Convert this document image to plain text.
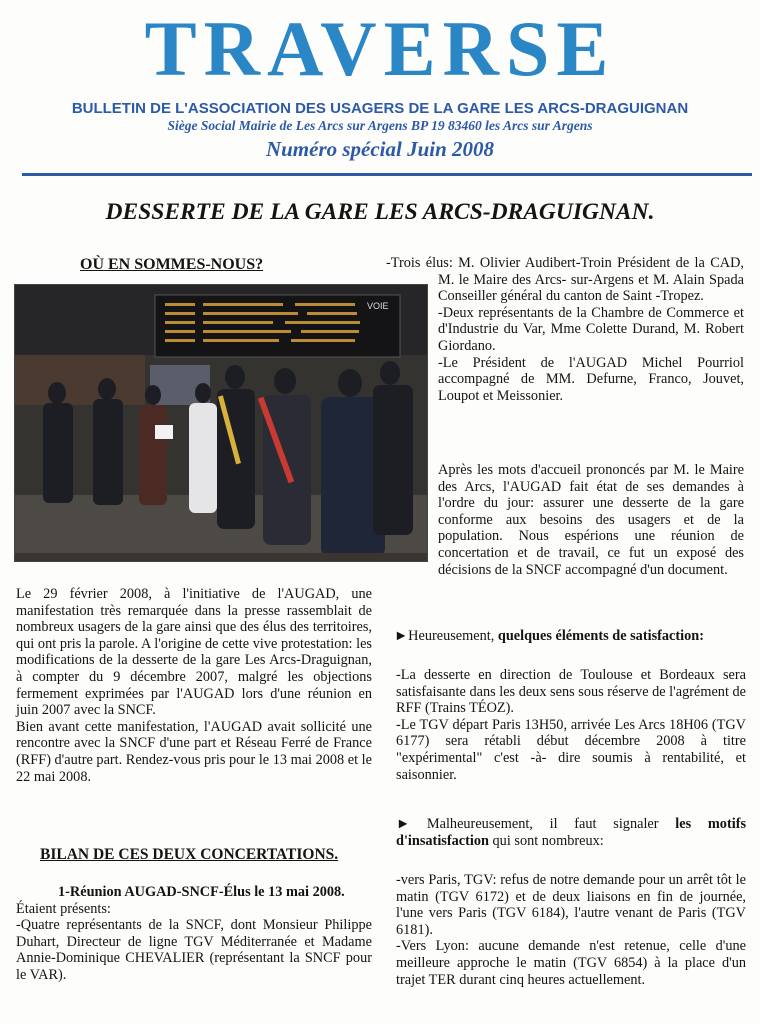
TRAVERSE
BULLETIN DE L'ASSOCIATION DES USAGERS DE LA GARE LES ARCS-DRAGUIGNAN
Siège Social Mairie de Les Arcs sur Argens BP 19 83460 les Arcs sur Argens
Numéro spécial Juin 2008
DESSERTE DE LA GARE LES ARCS-DRAGUIGNAN.
OÙ EN SOMMES-NOUS?
VOIE

Le 29 février 2008, à l'initiative de l'AUGAD, une manifestation très remarquée dans la presse rassemblait de nombreux usagers de la gare ainsi que des élus des territoires, qui ont pris la parole. A l'origine de cette vive protestation: les modifications de la desserte de la gare Les Arcs-Draguignan, à compter du 9 décembre 2007, malgré les objections fermement exprimées par l'AUGAD lors d'une réunion en juin 2007 avec la SNCF.

Bien avant cette manifestation, l'AUGAD avait sollicité une rencontre avec la SNCF d'une part et Réseau Ferré de France (RFF) d'autre part. Rendez-vous pris pour le 13 mai 2008 et le 22 mai 2008.

BILAN DE CES DEUX CONCERTATIONS.

1-Réunion AUGAD-SNCF-Élus le 13 mai 2008.

Étaient présents:

-Quatre représentants de la SNCF, dont Monsieur Philippe Duhart, Directeur de ligne TGV Méditerranée et Madame Annie-Dominique CHEVALIER (représentant la SNCF pour le VAR).

-Trois élus: M. Olivier Audibert-Troin Président de la CAD, M. le Maire des Arcs- sur-Argens et M. Alain Spada Conseiller général du canton de Saint -Tropez.

-Deux représentants de la Chambre de Commerce et d'Industrie du Var, Mme Colette Durand, M. Robert Giordano.

-Le Président de l'AUGAD Michel Pourriol accompagné de MM. Defurne, Franco, Jouvet, Loupot et Meissonier.

Après les mots d'accueil prononcés par M. le Maire des Arcs, l'AUGAD fait état de ses demandes à l'ordre du jour: assurer une desserte de la gare conforme aux besoins des usagers et de la population. Nous espérions une réunion de concertation et de travail, ce fut un exposé des décisions de la SNCF accompagné d'un document.

►Heureusement, quelques éléments de satisfaction:

-La desserte en direction de Toulouse et Bordeaux sera satisfaisante dans les deux sens sous réserve de l'agrément de RFF (Trains TÉOZ).

-Le TGV départ Paris 13H50, arrivée Les Arcs 18H06 (TGV 6177) sera rétabli début décembre 2008 à titre "expérimental" c'est -à- dire soumis à rentabilité, et saisonnier.

► Malheureusement, il faut signaler les motifs d'insatisfaction qui sont nombreux:

-vers Paris, TGV: refus de notre demande pour un arrêt tôt le matin (TGV 6172) et de deux liaisons en fin de journée, l'une vers Paris (TGV 6184), l'autre venant de Paris (TGV 6181).

-Vers Lyon: aucune demande n'est retenue, celle d'une meilleure approche le matin (TGV 6854) à la place d'un trajet TER durant cinq heures actuellement.
